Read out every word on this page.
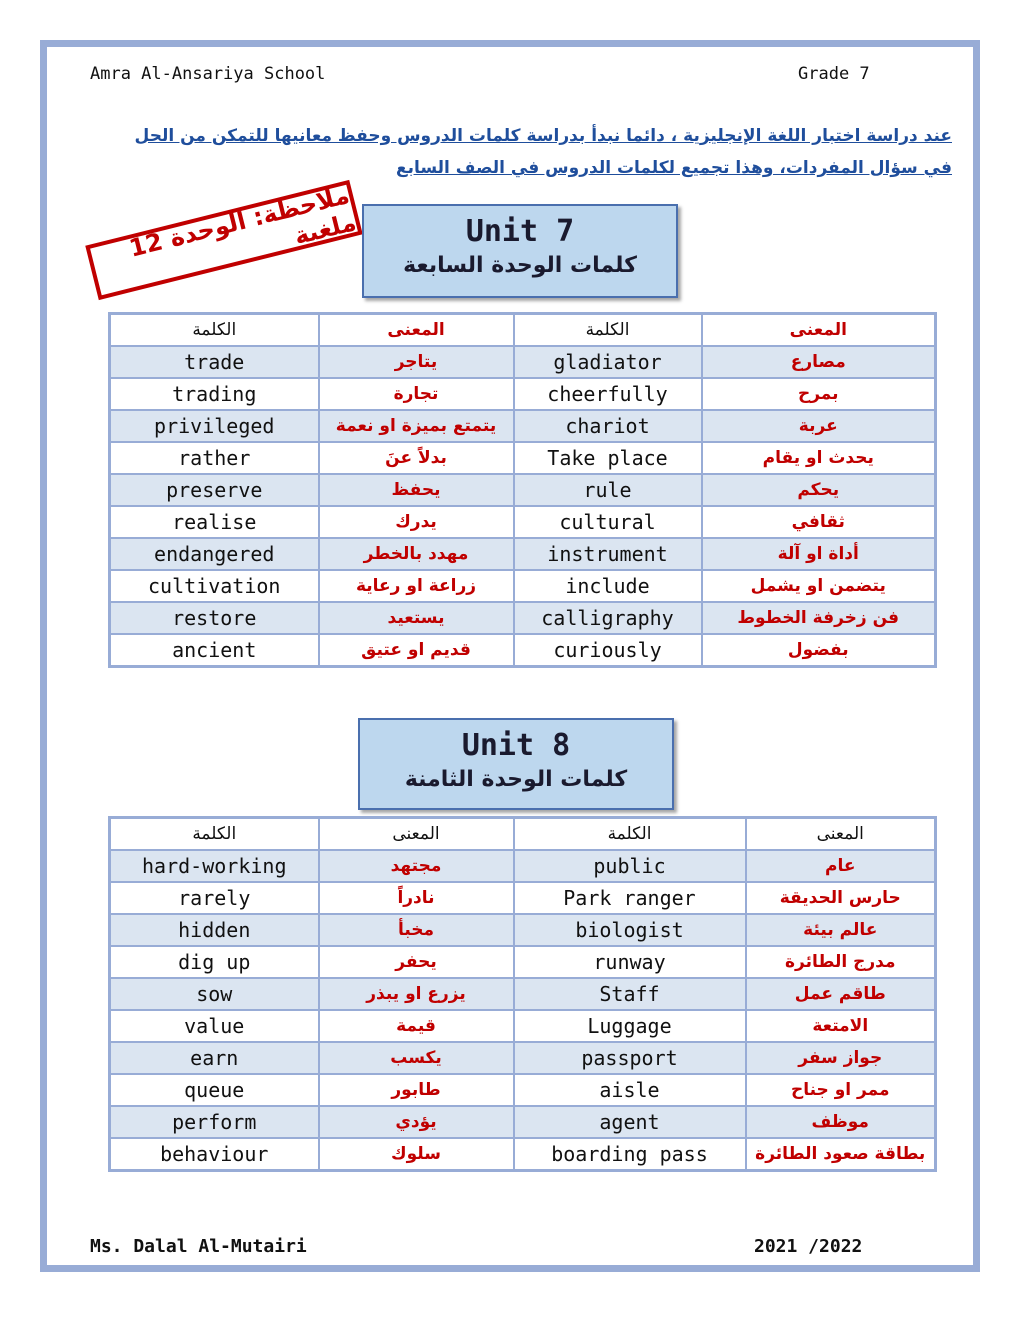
Amra Al-Ansariya School	Grade 7
عند دراسة اختبار اللغة الإنجليزية ، دائما نبدأ بدراسة كلمات الدروس وحفظ معانيها للتمكن من الحل
في سؤال المفردات، وهذا تجميع لكلمات الدروس في الصف السابع
ملاحظة: الوحدة 12 ملغية	Unit 7
كلمات الوحدة السابعة
الكلمة	المعنى	الكلمة	المعنى
trade	يتاجر	gladiator	مصارع
trading	تجارة	cheerfully	بمرح
privileged	يتمتع بميزة او نعمة	chariot	عربة
rather	بدلاً عنَ	Take place	يحدث او يقام
preserve	يحفظ	rule	يحكم
realise	يدرك	cultural	ثقافي
endangered	مهدد بالخطر	instrument	أداة او آلة
cultivation	زراعة او رعاية	include	يتضمن او يشمل
restore	يستعيد	calligraphy	فن زخرفة الخطوط
ancient	قديم او عتيق	curiously	بفضول
Unit 8
كلمات الوحدة الثامنة
الكلمة	المعنى	الكلمة	المعنى
hard-working	مجتهد	public	عام
rarely	نادراً	Park ranger	حارس الحديقة
hidden	مخبأ	biologist	عالم بيئة
dig up	يحفر	runway	مدرج الطائرة
sow	يزرع او يبذر	Staff	طاقم عمل
value	قيمة	Luggage	الامتعة
earn	يكسب	passport	جواز سفر
queue	طابور	aisle	ممر او جناح
perform	يؤدي	agent	موظف
behaviour	سلوك	boarding pass	بطاقة صعود الطائرة
Ms. Dalal Al-Mutairi	2021 /2022
